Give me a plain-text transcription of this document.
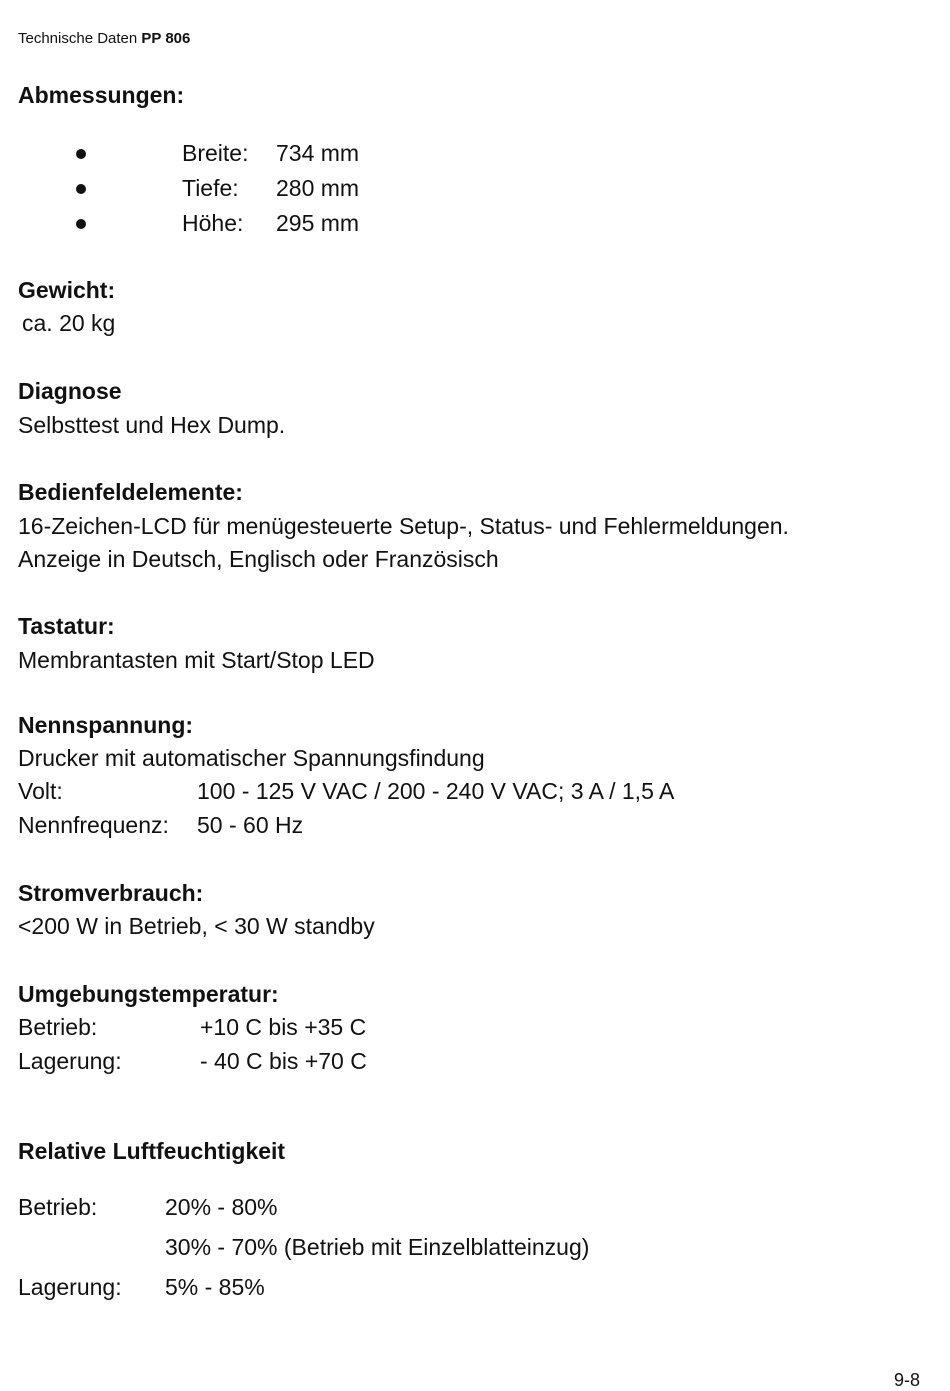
Technische Daten PP 806
Abmessungen:
Breite: 734 mm
Tiefe: 280 mm
Höhe: 295 mm
Gewicht:
ca. 20 kg
Diagnose
Selbsttest und Hex Dump.
Bedienfeldelemente:
16-Zeichen-LCD für menügesteuerte Setup-, Status- und Fehlermeldungen.
Anzeige in Deutsch, Englisch oder Französisch
Tastatur:
Membrantasten mit Start/Stop LED
Nennspannung:
Drucker mit automatischer Spannungsfindung
Volt:	100 - 125 V VAC / 200 - 240 V VAC; 3 A / 1,5 A
Nennfrequenz: 50 - 60 Hz
Stromverbrauch:
<200 W in Betrieb, < 30 W standby
Umgebungstemperatur:
Betrieb:	+10 C bis +35 C
Lagerung:	- 40 C bis +70 C
Relative Luftfeuchtigkeit
Betrieb:	20% - 80%
30% - 70% (Betrieb mit Einzelblatteinzug)
Lagerung: 5% - 85%
9-8
